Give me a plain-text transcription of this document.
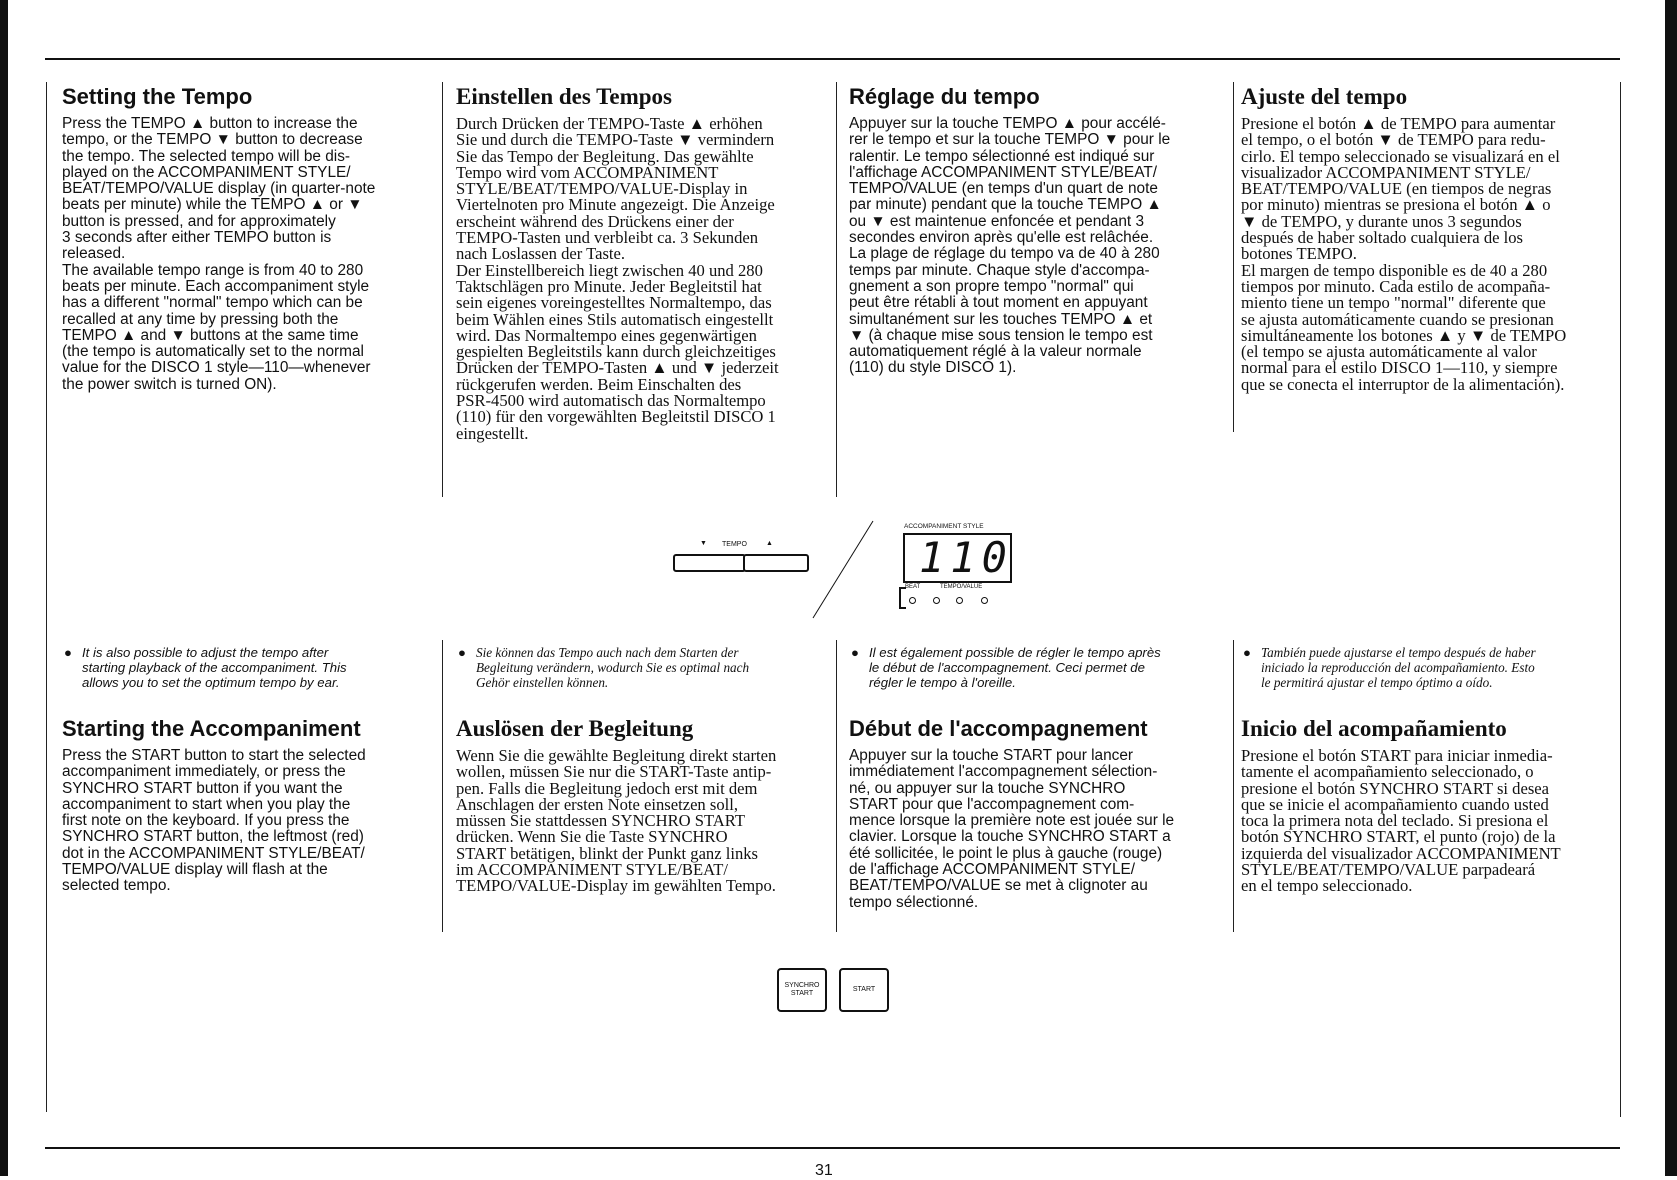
Setting the Tempo

Press the TEMPO ▲ button to increase the
tempo, or the TEMPO ▼ button to decrease
the tempo. The selected tempo will be dis-
played on the ACCOMPANIMENT STYLE/
BEAT/TEMPO/VALUE display (in quarter-note
beats per minute) while the TEMPO ▲ or ▼
button is pressed, and for approximately
3 seconds after either TEMPO button is
released.
The available tempo range is from 40 to 280
beats per minute. Each accompaniment style
has a different "normal" tempo which can be
recalled at any time by pressing both the
TEMPO ▲ and ▼ buttons at the same time
(the tempo is automatically set to the normal
value for the DISCO 1 style—110—whenever
the power switch is turned ON).

● It is also possible to adjust the tempo after
starting playback of the accompaniment. This
allows you to set the optimum tempo by ear.

Starting the Accompaniment

Press the START button to start the selected
accompaniment immediately, or press the
SYNCHRO START button if you want the
accompaniment to start when you play the
first note on the keyboard. If you press the
SYNCHRO START button, the leftmost (red)
dot in the ACCOMPANIMENT STYLE/BEAT/
TEMPO/VALUE display will flash at the
selected tempo.

Einstellen des Tempos

Durch Drücken der TEMPO-Taste ▲ erhöhen
Sie und durch die TEMPO-Taste ▼ vermindern
Sie das Tempo der Begleitung. Das gewählte
Tempo wird vom ACCOMPANIMENT
STYLE/BEAT/TEMPO/VALUE-Display in
Viertelnoten pro Minute angezeigt. Die Anzeige
erscheint während des Drückens einer der
TEMPO-Tasten und verbleibt ca. 3 Sekunden
nach Loslassen der Taste.
Der Einstellbereich liegt zwischen 40 und 280
Taktschlägen pro Minute. Jeder Begleitstil hat
sein eigenes voreingestelltes Normaltempo, das
beim Wählen eines Stils automatisch eingestellt
wird. Das Normaltempo eines gegenwärtigen
gespielten Begleitstils kann durch gleichzeitiges
Drücken der TEMPO-Tasten ▲ und ▼ jederzeit
rückgerufen werden. Beim Einschalten des
PSR-4500 wird automatisch das Normaltempo
(110) für den vorgewählten Begleitstil DISCO 1
eingestellt.

● Sie können das Tempo auch nach dem Starten der
Begleitung verändern, wodurch Sie es optimal nach
Gehör einstellen können.

Auslösen der Begleitung

Wenn Sie die gewählte Begleitung direkt starten
wollen, müssen Sie nur die START-Taste antip-
pen. Falls die Begleitung jedoch erst mit dem
Anschlagen der ersten Note einsetzen soll,
müssen Sie stattdessen SYNCHRO START
drücken. Wenn Sie die Taste SYNCHRO
START betätigen, blinkt der Punkt ganz links
im ACCOMPANIMENT STYLE/BEAT/
TEMPO/VALUE-Display im gewählten Tempo.

Réglage du tempo

Appuyer sur la touche TEMPO ▲ pour accélé-
rer le tempo et sur la touche TEMPO ▼ pour le
ralentir. Le tempo sélectionné est indiqué sur
l'affichage ACCOMPANIMENT STYLE/BEAT/
TEMPO/VALUE (en temps d'un quart de note
par minute) pendant que la touche TEMPO ▲
ou ▼ est maintenue enfoncée et pendant 3
secondes environ après qu'elle est relâchée.
La plage de réglage du tempo va de 40 à 280
temps par minute. Chaque style d'accompa-
gnement a son propre tempo "normal" qui
peut être rétabli à tout moment en appuyant
simultanément sur les touches TEMPO ▲ et
▼ (à chaque mise sous tension le tempo est
automatiquement réglé à la valeur normale
(110) du style DISCO 1).

● Il est également possible de régler le tempo après
le début de l'accompagnement. Ceci permet de
régler le tempo à l'oreille.

Début de l'accompagnement

Appuyer sur la touche START pour lancer
immédiatement l'accompagnement sélection-
né, ou appuyer sur la touche SYNCHRO
START pour que l'accompagnement com-
mence lorsque la première note est jouée sur le
clavier. Lorsque la touche SYNCHRO START a
été sollicitée, le point le plus à gauche (rouge)
de l'affichage ACCOMPANIMENT STYLE/
BEAT/TEMPO/VALUE se met à clignoter au
tempo sélectionné.

Ajuste del tempo

Presione el botón ▲ de TEMPO para aumentar
el tempo, o el botón ▼ de TEMPO para redu-
cirlo. El tempo seleccionado se visualizará en el
visualizador ACCOMPANIMENT STYLE/
BEAT/TEMPO/VALUE (en tiempos de negras
por minuto) mientras se presiona el botón ▲ o
▼ de TEMPO, y durante unos 3 segundos
después de haber soltado cualquiera de los
botones TEMPO.
El margen de tempo disponible es de 40 a 280
tiempos por minuto. Cada estilo de acompaña-
miento tiene un tempo "normal" diferente que
se ajusta automáticamente cuando se presionan
simultáneamente los botones ▲ y ▼ de TEMPO
(el tempo se ajusta automáticamente al valor
normal para el estilo DISCO 1—110, y siempre
que se conecta el interruptor de la alimentación).

● También puede ajustarse el tempo después de haber
iniciado la reproducción del acompañamiento. Esto
le permitirá ajustar el tempo óptimo a oído.

Inicio del acompañamiento

Presione el botón START para iniciar inmedia-
tamente el acompañamiento seleccionado, o
presione el botón SYNCHRO START si desea
que se inicie el acompañamiento cuando usted
toca la primera nota del teclado. Si presiona el
botón SYNCHRO START, el punto (rojo) de la
izquierda del visualizador ACCOMPANIMENT
STYLE/BEAT/TEMPO/VALUE parpadeará
en el tempo seleccionado.

▼ TEMPO	▲
ACCOMPANIMENT STYLE
110
BEAT	TEMPO/VALUE
SYNCHRO
START
START
31
